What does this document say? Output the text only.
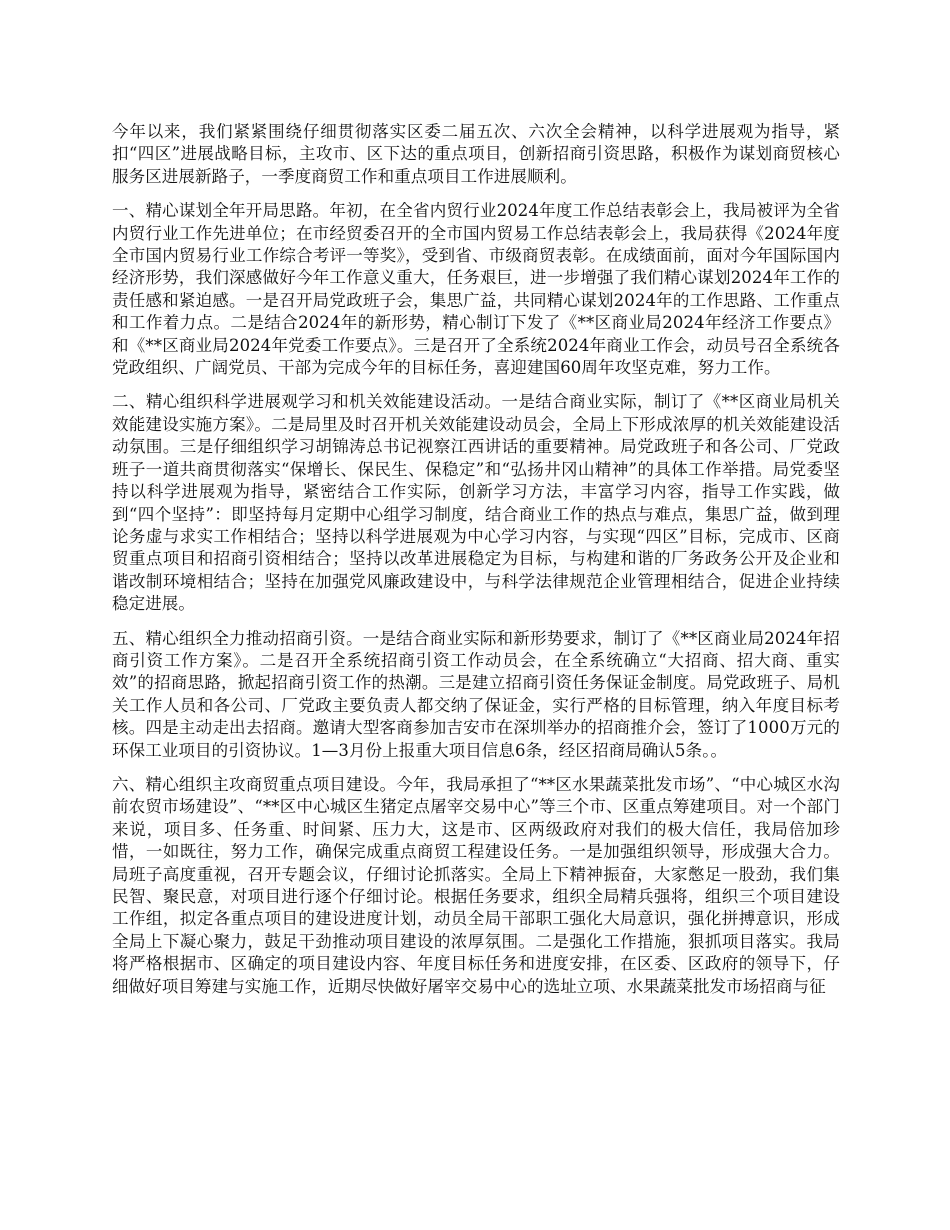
今年以来，我们紧紧围绕仔细贯彻落实区委二届五次、六次全会精神，以科学进展观为指导，紧扣“四区”进展战略目标，主攻市、区下达的重点项目，创新招商引资思路，积极作为谋划商贸核心服务区进展新路子，一季度商贸工作和重点项目工作进展顺利。

一、精心谋划全年开局思路。年初，在全省内贸行业2024年度工作总结表彰会上，我局被评为全省内贸行业工作先进单位；在市经贸委召开的全市国内贸易工作总结表彰会上，我局获得《2024年度全市国内贸易行业工作综合考评一等奖》，受到省、市级商贸表彰。在成绩面前，面对今年国际国内经济形势，我们深感做好今年工作意义重大，任务艰巨，进一步增强了我们精心谋划2024年工作的责任感和紧迫感。一是召开局党政班子会，集思广益，共同精心谋划2024年的工作思路、工作重点和工作着力点。二是结合2024年的新形势，精心制订下发了《**区商业局2024年经济工作要点》和《**区商业局2024年党委工作要点》。三是召开了全系统2024年商业工作会，动员号召全系统各党政组织、广阔党员、干部为完成今年的目标任务，喜迎建国60周年攻坚克难，努力工作。

二、精心组织科学进展观学习和机关效能建设活动。一是结合商业实际，制订了《**区商业局机关效能建设实施方案》。二是局里及时召开机关效能建设动员会，全局上下形成浓厚的机关效能建设活动氛围。三是仔细组织学习胡锦涛总书记视察江西讲话的重要精神。局党政班子和各公司、厂党政班子一道共商贯彻落实“保增长、保民生、保稳定”和“弘扬井冈山精神”的具体工作举措。局党委坚持以科学进展观为指导，紧密结合工作实际，创新学习方法，丰富学习内容，指导工作实践，做到“四个坚持”：即坚持每月定期中心组学习制度，结合商业工作的热点与难点，集思广益，做到理论务虚与求实工作相结合；坚持以科学进展观为中心学习内容，与实现“四区”目标，完成市、区商贸重点项目和招商引资相结合；坚持以改革进展稳定为目标，与构建和谐的厂务政务公开及企业和谐改制环境相结合；坚持在加强党风廉政建设中，与科学法律规范企业管理相结合，促进企业持续稳定进展。

五、精心组织全力推动招商引资。一是结合商业实际和新形势要求，制订了《**区商业局2024年招商引资工作方案》。二是召开全系统招商引资工作动员会，在全系统确立“大招商、招大商、重实效”的招商思路，掀起招商引资工作的热潮。三是建立招商引资任务保证金制度。局党政班子、局机关工作人员和各公司、厂党政主要负责人都交纳了保证金，实行严格的目标管理，纳入年度目标考核。四是主动走出去招商。邀请大型客商参加吉安市在深圳举办的招商推介会，签订了1000万元的环保工业项目的引资协议。1—3月份上报重大项目信息6条，经区招商局确认5条。。

六、精心组织主攻商贸重点项目建设。今年，我局承担了“**区水果蔬菜批发市场”、“中心城区水沟前农贸市场建设”、“**区中心城区生猪定点屠宰交易中心”等三个市、区重点筹建项目。对一个部门来说，项目多、任务重、时间紧、压力大，这是市、区两级政府对我们的极大信任，我局倍加珍惜，一如既往，努力工作，确保完成重点商贸工程建设任务。一是加强组织领导，形成强大合力。局班子高度重视，召开专题会议，仔细讨论抓落实。全局上下精神振奋，大家憋足一股劲，我们集民智、聚民意，对项目进行逐个仔细讨论。根据任务要求，组织全局精兵强将，组织三个项目建设工作组，拟定各重点项目的建设进度计划，动员全局干部职工强化大局意识，强化拼搏意识，形成全局上下凝心聚力，鼓足干劲推动项目建设的浓厚氛围。二是强化工作措施，狠抓项目落实。我局将严格根据市、区确定的项目建设内容、年度目标任务和进度安排，在区委、区政府的领导下，仔细做好项目筹建与实施工作，近期尽快做好屠宰交易中心的选址立项、水果蔬菜批发市场招商与征
